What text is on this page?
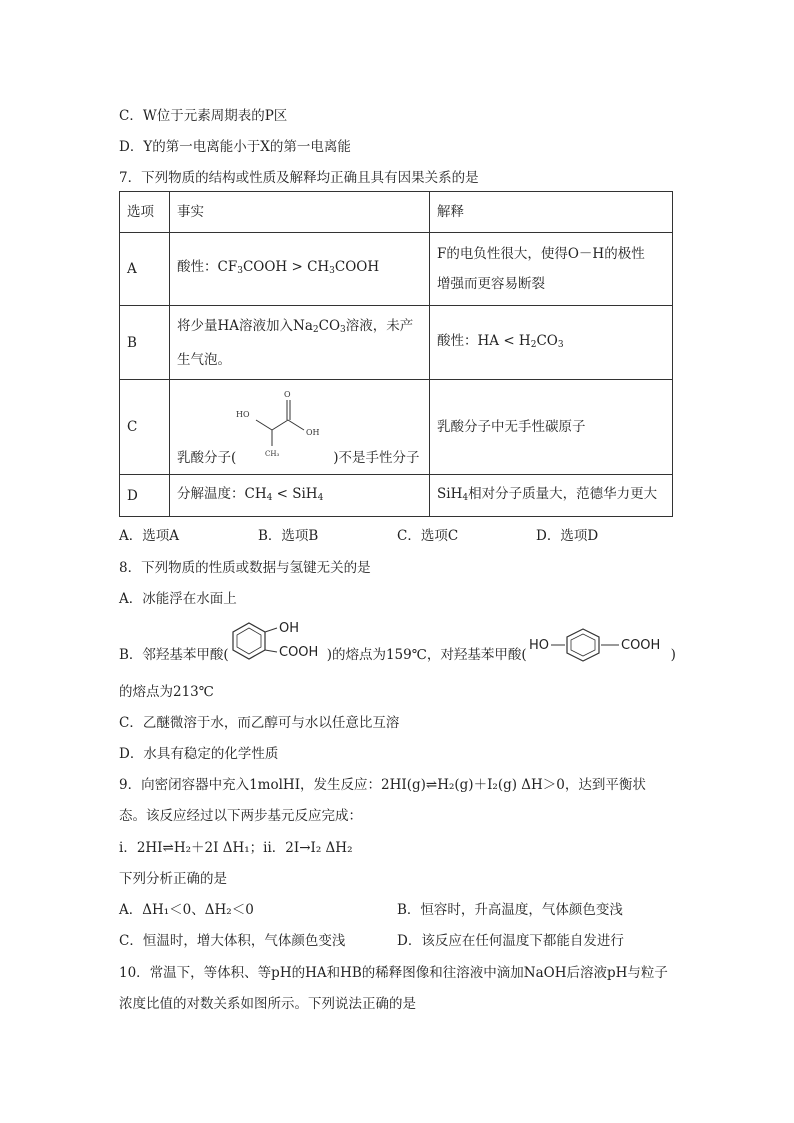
C．W位于元素周期表的P区
D．Y的第一电离能小于X的第一电离能
7．下列物质的结构或性质及解释均正确且具有因果关系的是
选项	事实	解释
A	酸性：$CF_3COOH$ > $CH_3COOH$	F的电负性很大，使得O－H的极性
增强而更容易断裂

B	将少量HA溶液加入$Na_2CO_3$溶液，未产
生气泡。	酸性：HA < $H_2CO_3$
C	HO
O
OH
CH₃
乳酸分子( )不是手性分子	乳酸分子中无手性碳原子
D	分解温度：$CH_4 < SiH_4$	SiH$_4$相对分子质量大，范德华力更大
A．选项A	B．选项B	C．选项C	D．选项D
8．下列物质的性质或数据与氢键无关的是
A．冰能浮在水面上
B．邻羟基苯甲酸(
OH
COOH )的熔点为159℃，对羟基苯甲酸(
HO	COOH
)
的熔点为213℃
C．乙醚微溶于水，而乙醇可与水以任意比互溶
D．水具有稳定的化学性质
9．向密闭容器中充入1molHI，发生反应：2HI(g)⇌H₂(g)＋I₂(g) ΔH＞0，达到平衡状
态。该反应经过以下两步基元反应完成：
ⅰ．2HI⇌H₂＋2I ΔH₁；ⅱ．2I→I₂ ΔH₂
下列分析正确的是
A．ΔH₁＜0、ΔH₂＜0	B．恒容时，升高温度，气体颜色变浅
C．恒温时，增大体积，气体颜色变浅	D．该反应在任何温度下都能自发进行
10．常温下，等体积、等pH的HA和HB的稀释图像和往溶液中滴加NaOH后溶液pH与粒子
浓度比值的对数关系如图所示。下列说法正确的是
